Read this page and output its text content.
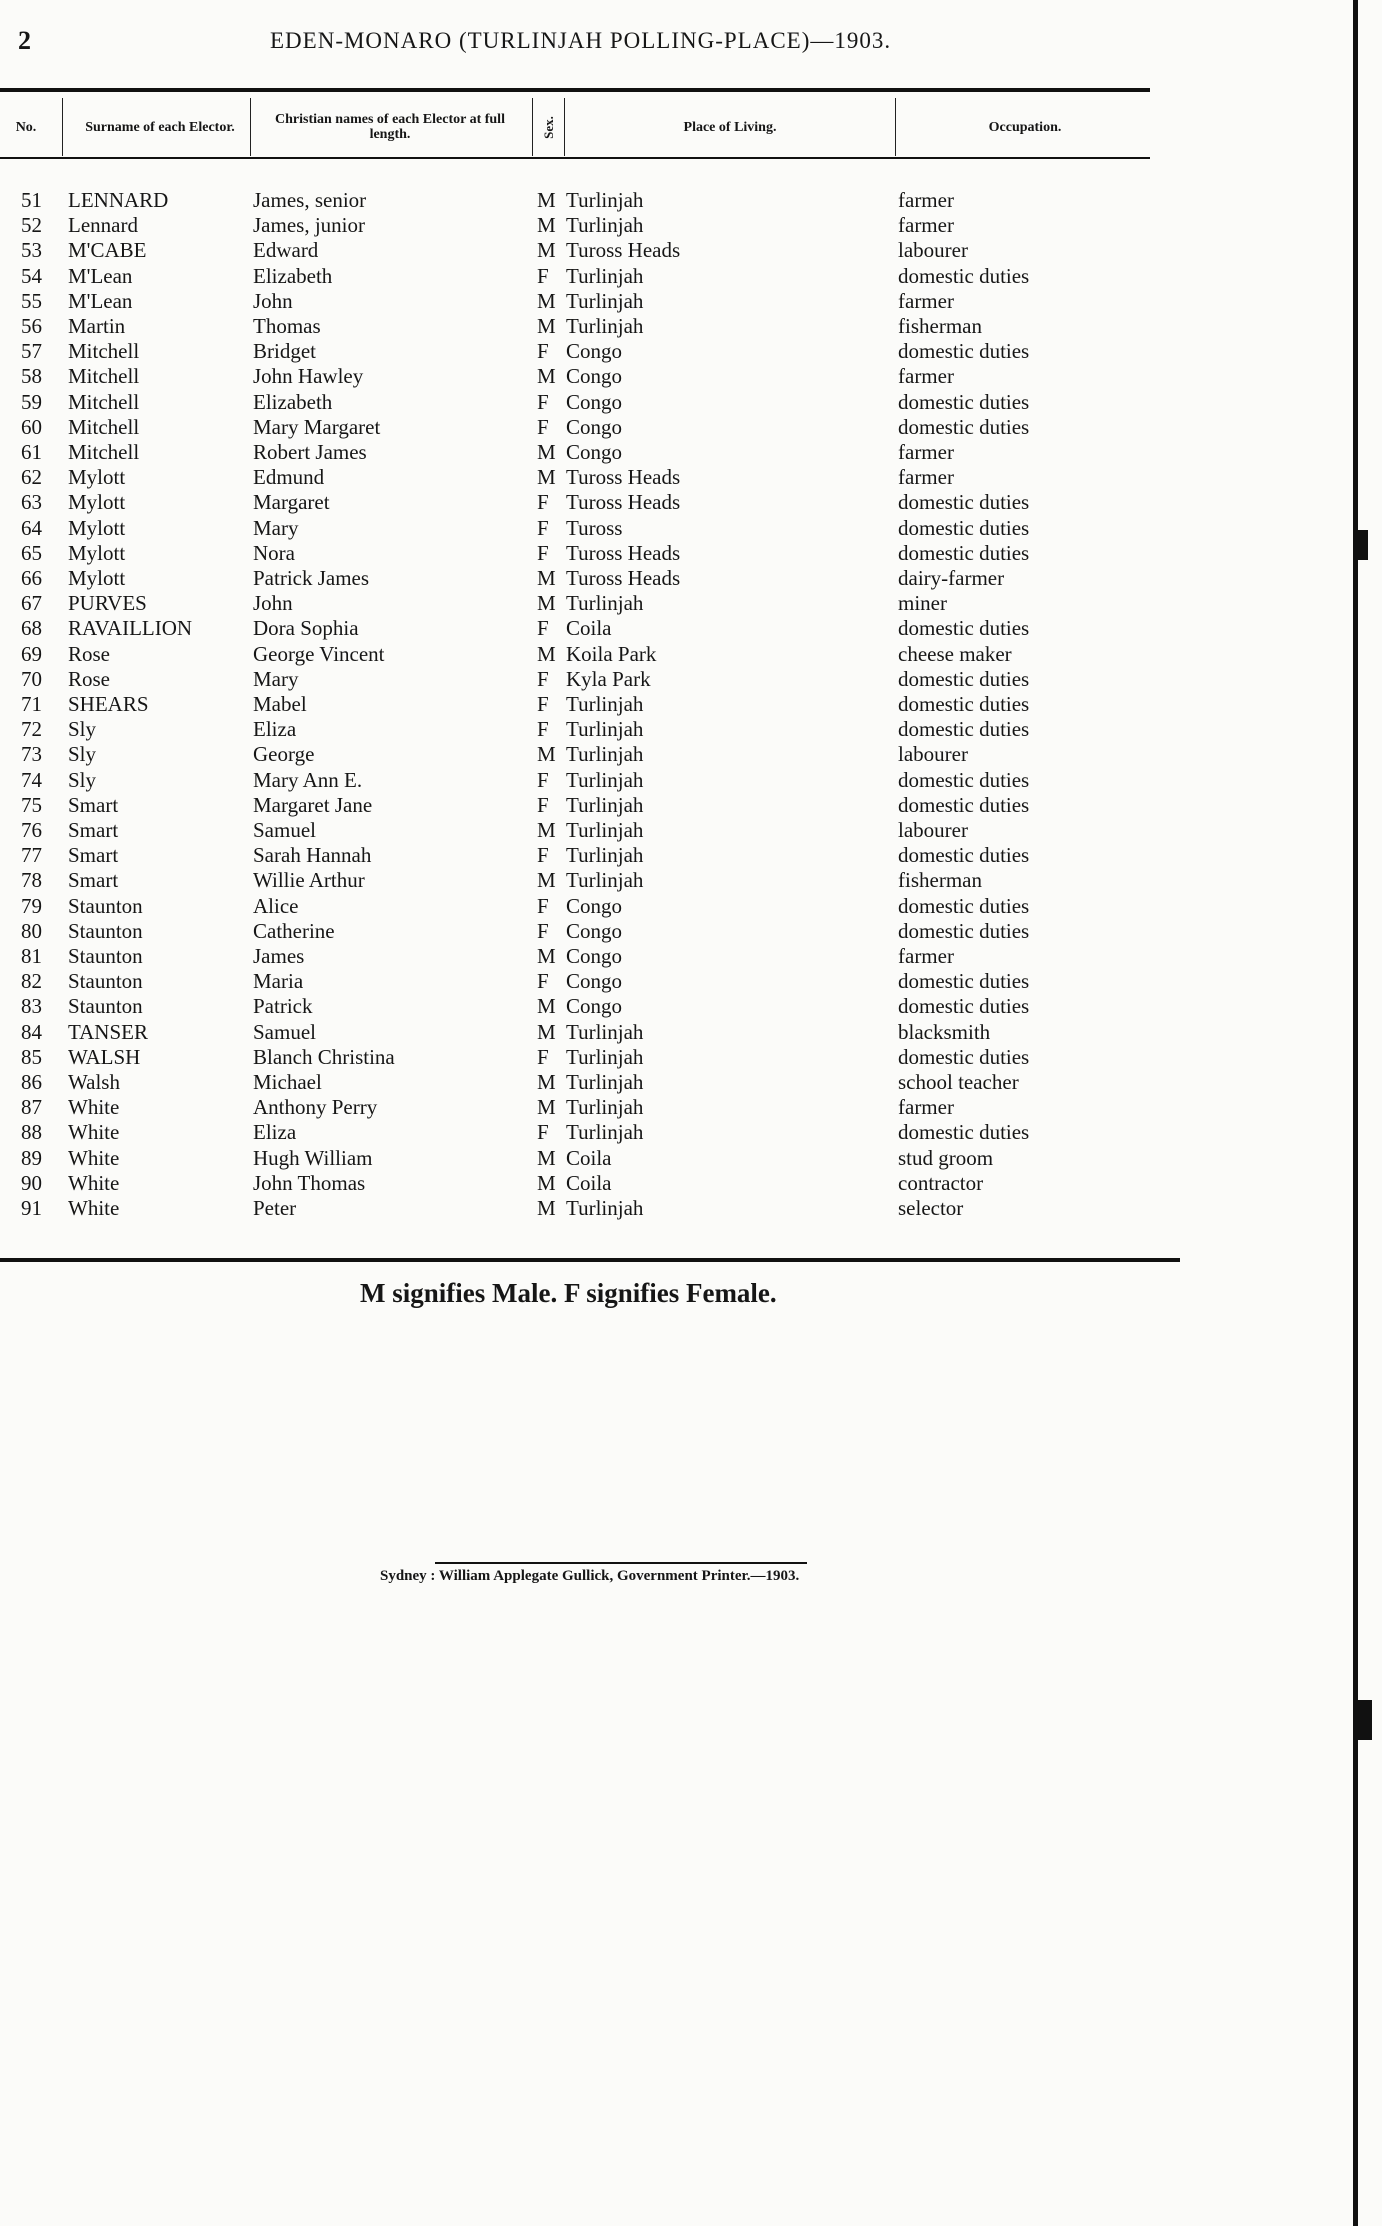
2	EDEN-MONARO (TURLINJAH POLLING-PLACE)—1903.
No.	Surname of each Elector.	Christian names of each Elector at full length.	Sex.	Place of Living.	Occupation.
51 LENNARD	James, senior	M Turlinjah	farmer
52 Lennard	James, junior	M Turlinjah	farmer
53 M'CABE	Edward	M Tuross Heads	labourer
54 M'Lean	Elizabeth	F Turlinjah	domestic duties
55 M'Lean	John	M Turlinjah	farmer
56 Martin	Thomas	M Turlinjah	fisherman
57 Mitchell	Bridget	F Congo	domestic duties
58 Mitchell	John Hawley	M Congo	farmer
59 Mitchell	Elizabeth	F Congo	domestic duties
60 Mitchell	Mary Margaret	F Congo	domestic duties
61 Mitchell	Robert James	M Congo	farmer
62 Mylott	Edmund	M Tuross Heads	farmer
63 Mylott	Margaret	F Tuross Heads	domestic duties
64 Mylott	Mary	F Tuross	domestic duties
65 Mylott	Nora	F Tuross Heads	domestic duties
66 Mylott	Patrick James	M Tuross Heads	dairy-farmer
67 PURVES	John	M Turlinjah	miner
68 RAVAILLION	Dora Sophia	F Coila	domestic duties
69 Rose	George Vincent	M Koila Park	cheese maker
70 Rose	Mary	F Kyla Park	domestic duties
71 SHEARS	Mabel	F Turlinjah	domestic duties
72 Sly	Eliza	F Turlinjah	domestic duties
73 Sly	George	M Turlinjah	labourer
74 Sly	Mary Ann E.	F Turlinjah	domestic duties
75 Smart	Margaret Jane	F Turlinjah	domestic duties
76 Smart	Samuel	M Turlinjah	labourer
77 Smart	Sarah Hannah	F Turlinjah	domestic duties
78 Smart	Willie Arthur	M Turlinjah	fisherman
79 Staunton	Alice	F Congo	domestic duties
80 Staunton	Catherine	F Congo	domestic duties
81 Staunton	James	M Congo	farmer
82 Staunton	Maria	F Congo	domestic duties
83 Staunton	Patrick	M Congo	domestic duties
84 TANSER	Samuel	M Turlinjah	blacksmith
85 WALSH	Blanch Christina	F Turlinjah	domestic duties
86 Walsh	Michael	M Turlinjah	school teacher
87 White	Anthony Perry	M Turlinjah	farmer
88 White	Eliza	F Turlinjah	domestic duties
89 White	Hugh William	M Coila	stud groom
90 White	John Thomas	M Coila	contractor
91 White	Peter	M Turlinjah	selector
M signifies Male. F signifies Female.
Sydney : William Applegate Gullick, Government Printer.—1903.
